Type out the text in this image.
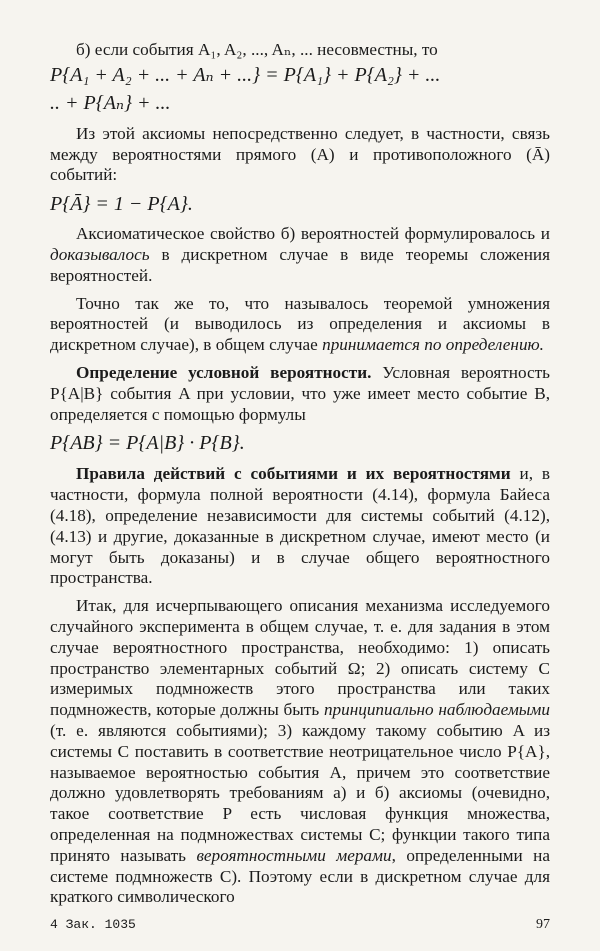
б) если события A₁, A₂, ..., Aₙ, ... несовместны, то

P{A₁ + A₂ + ... + Aₙ + ...} = P{A₁} + P{A₂} + ...

.. + P{Aₙ} + ...

Из этой аксиомы непосредственно следует, в частности, связь между вероятностями прямого (A) и противоположного (Ā) событий:

P{Ā} = 1 − P{A}.

Аксиоматическое свойство б) вероятностей формулировалось и доказывалось в дискретном случае в виде теоремы сложения вероятностей.

Точно так же то, что называлось теоремой умножения вероятностей (и выводилось из определения и аксиомы в дискретном случае), в общем случае принимается по определению.

Определение условной вероятности. Условная вероятность P{A|B} события A при условии, что уже имеет место событие B, определяется с помощью формулы

P{AB} = P{A|B} · P{B}.

Правила действий с событиями и их вероятностями и, в частности, формула полной вероятности (4.14), формула Байеса (4.18), определение независимости для системы событий (4.12), (4.13) и другие, доказанные в дискретном случае, имеют место (и могут быть доказаны) и в случае общего вероятностного пространства.

Итак, для исчерпывающего описания механизма исследуемого случайного эксперимента в общем случае, т. е. для задания в этом случае вероятностного пространства, необходимо: 1) описать пространство элементарных событий Ω; 2) описать систему C измеримых подмножеств этого пространства или таких подмножеств, которые должны быть принципиально наблюдаемыми (т. е. являются событиями); 3) каждому такому событию A из системы C поставить в соответствие неотрицательное число P{A}, называемое вероятностью события A, причем это соответствие должно удовлетворять требованиям а) и б) аксиомы (очевидно, такое соответствие P есть числовая функция множества, определенная на подмножествах системы C; функции такого типа принято называть вероятностными мерами, определенными на системе подмножеств C). Поэтому если в дискретном случае для краткого символического

4 Зак. 1035	97
